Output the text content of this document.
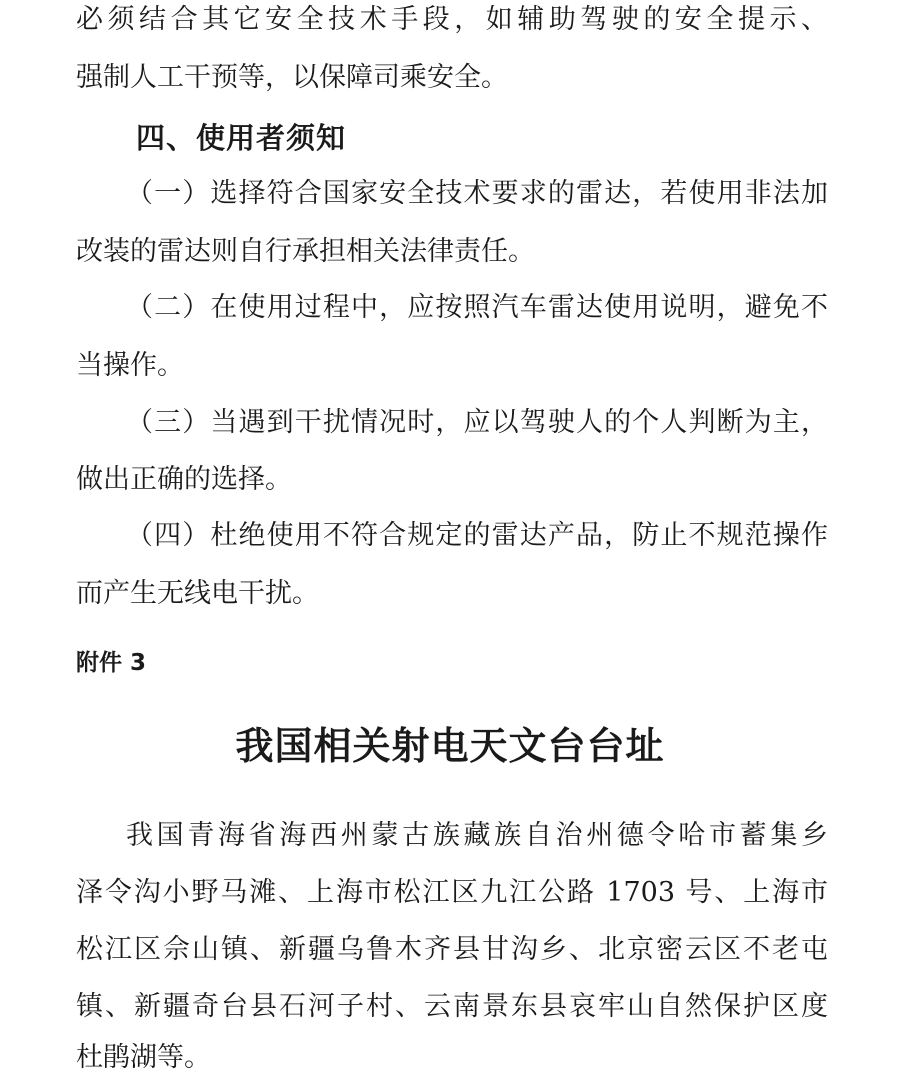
必须结合其它安全技术手段，如辅助驾驶的安全提示、

强制人工干预等，以保障司乘安全。

四、使用者须知

（一）选择符合国家安全技术要求的雷达，若使用非法加

改装的雷达则自行承担相关法律责任。

（二）在使用过程中，应按照汽车雷达使用说明，避免不

当操作。

（三）当遇到干扰情况时，应以驾驶人的个人判断为主，

做出正确的选择。

（四）杜绝使用不符合规定的雷达产品，防止不规范操作

而产生无线电干扰。

附件 3

我国相关射电天文台台址

我国青海省海西州蒙古族藏族自治州德令哈市蓄集乡

泽令沟小野马滩、上海市松江区九江公路 1703 号、上海市

松江区佘山镇、新疆乌鲁木齐县甘沟乡、北京密云区不老屯

镇、新疆奇台县石河子村、云南景东县哀牢山自然保护区度

杜鹃湖等。
